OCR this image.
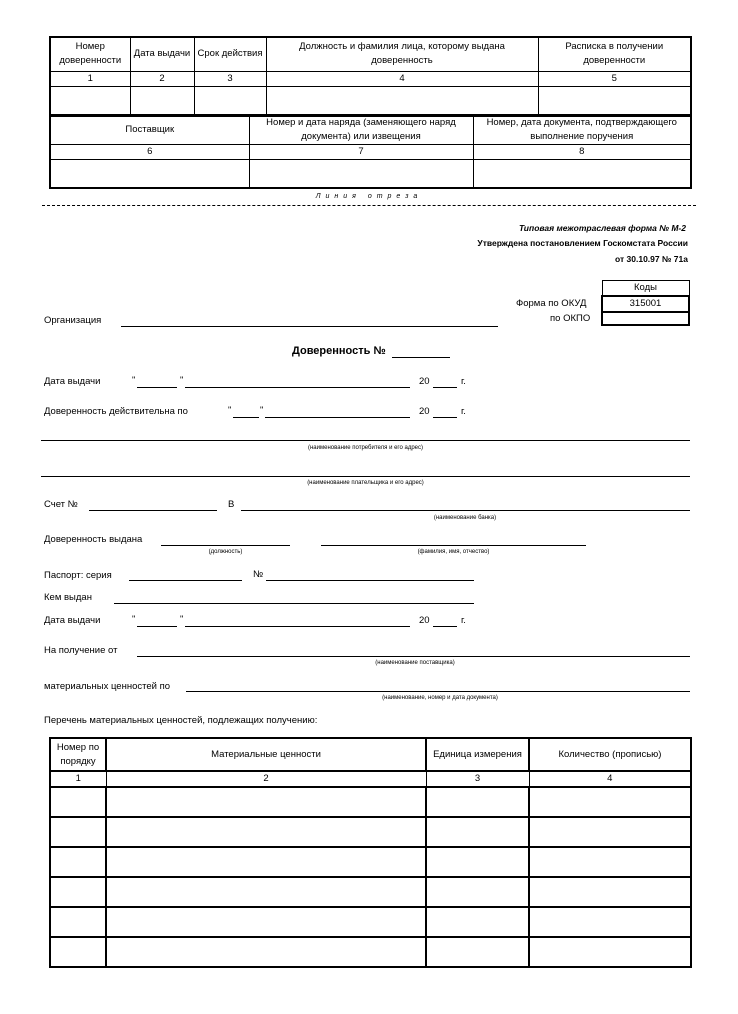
Номер доверенности	Дата выдачи	Срок действия	Должность и фамилия лица, которому выдана доверенность	Расписка в получении доверенности
1	2	3	4	5

Поставщик	Номер и дата наряда (заменяющего наряд документа) или извещения	Номер, дата документа, подтверждающего выполнение поручения
6	7	8

Линия отреза
Типовая межотраслевая форма № М-2
Утверждена постановлением Госкомстата России
от 30.10.97 № 71а
Коды
315001

Форма по ОКУД
по ОКПО
Организация
Доверенность №
Дата выдачи	"	"	20	г.
Доверенность действительна по	"	"	20	г.
(наименование потребителя и его адрес)
(наименование плательщика и его адрес)
Счет №	В
(наименование банка)
Доверенность выдана
(должность)	(фамилия, имя, отчество)
Паспорт: серия	№
Кем выдан
Дата выдачи	"	"	20	г.
На получение от
(наименование поставщика)
материальных ценностей по
(наименование, номер и дата документа)
Перечень материальных ценностей, подлежащих получению:
Номер по порядку	Материальные ценности	Единица измерения	Количество (прописью)
1	2	3	4
